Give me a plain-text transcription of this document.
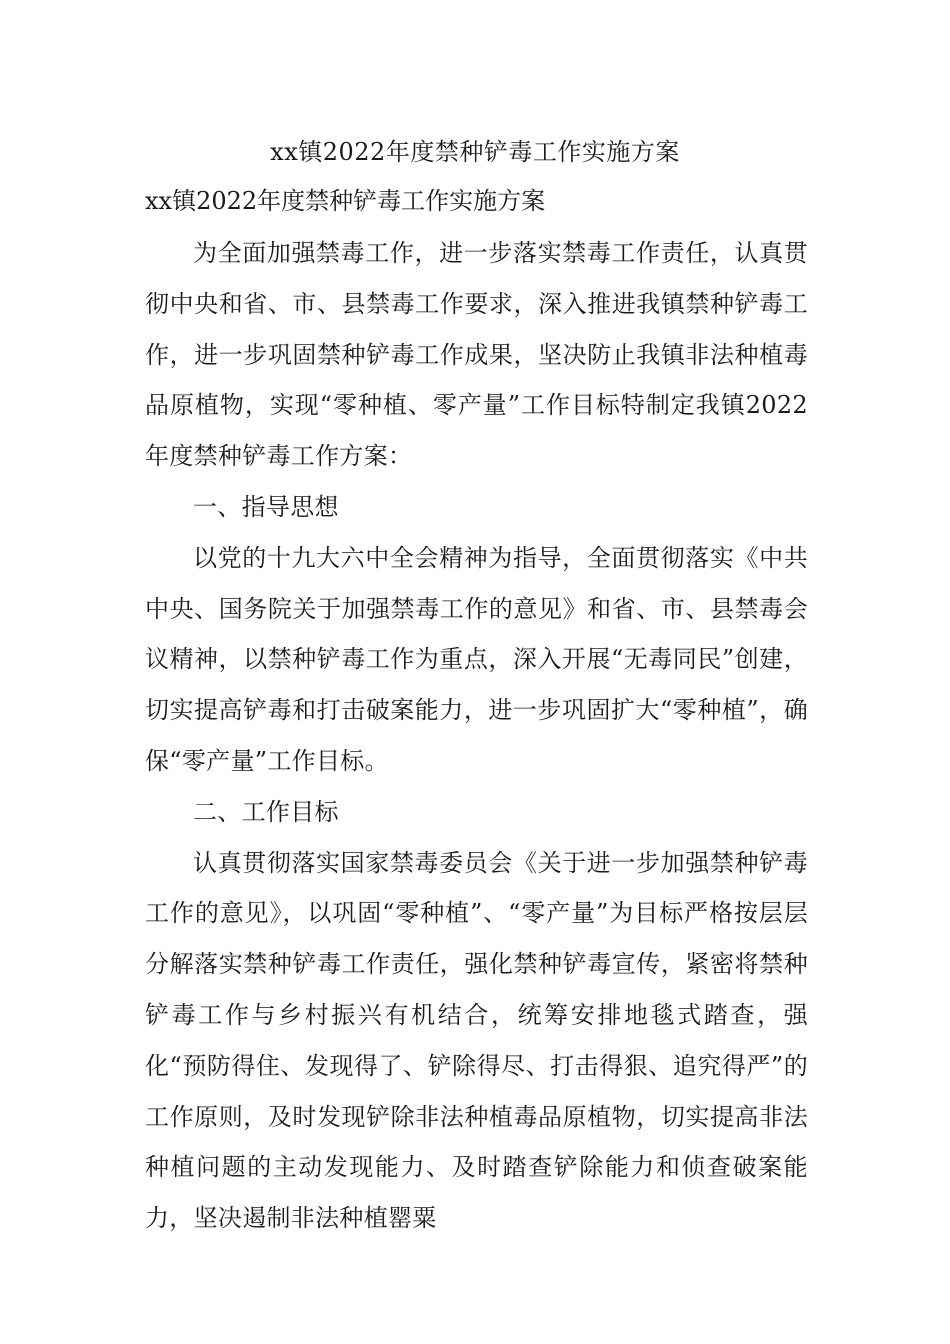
xx镇2022年度禁种铲毒工作实施方案
xx镇2022年度禁种铲毒工作实施方案

为全面加强禁毒工作，进一步落实禁毒工作责任，认真贯彻中央和省、市、县禁毒工作要求，深入推进我镇禁种铲毒工作，进一步巩固禁种铲毒工作成果，坚决防止我镇非法种植毒品原植物，实现“零种植、零产量”工作目标特制定我镇2022年度禁种铲毒工作方案：

一、指导思想

以党的十九大六中全会精神为指导，全面贯彻落实《中共中央、国务院关于加强禁毒工作的意见》和省、市、县禁毒会议精神，以禁种铲毒工作为重点，深入开展“无毒同民”创建，切实提高铲毒和打击破案能力，进一步巩固扩大“零种植”，确保“零产量”工作目标。

二、工作目标

认真贯彻落实国家禁毒委员会《关于进一步加强禁种铲毒工作的意见》，以巩固“零种植”、“零产量”为目标严格按层层分解落实禁种铲毒工作责任，强化禁种铲毒宣传，紧密将禁种铲毒工作与乡村振兴有机结合，统筹安排地毯式踏查，强化“预防得住、发现得了、铲除得尽、打击得狠、追究得严”的工作原则，及时发现铲除非法种植毒品原植物，切实提高非法种植问题的主动发现能力、及时踏查铲除能力和侦查破案能力，坚决遏制非法种植罂粟
